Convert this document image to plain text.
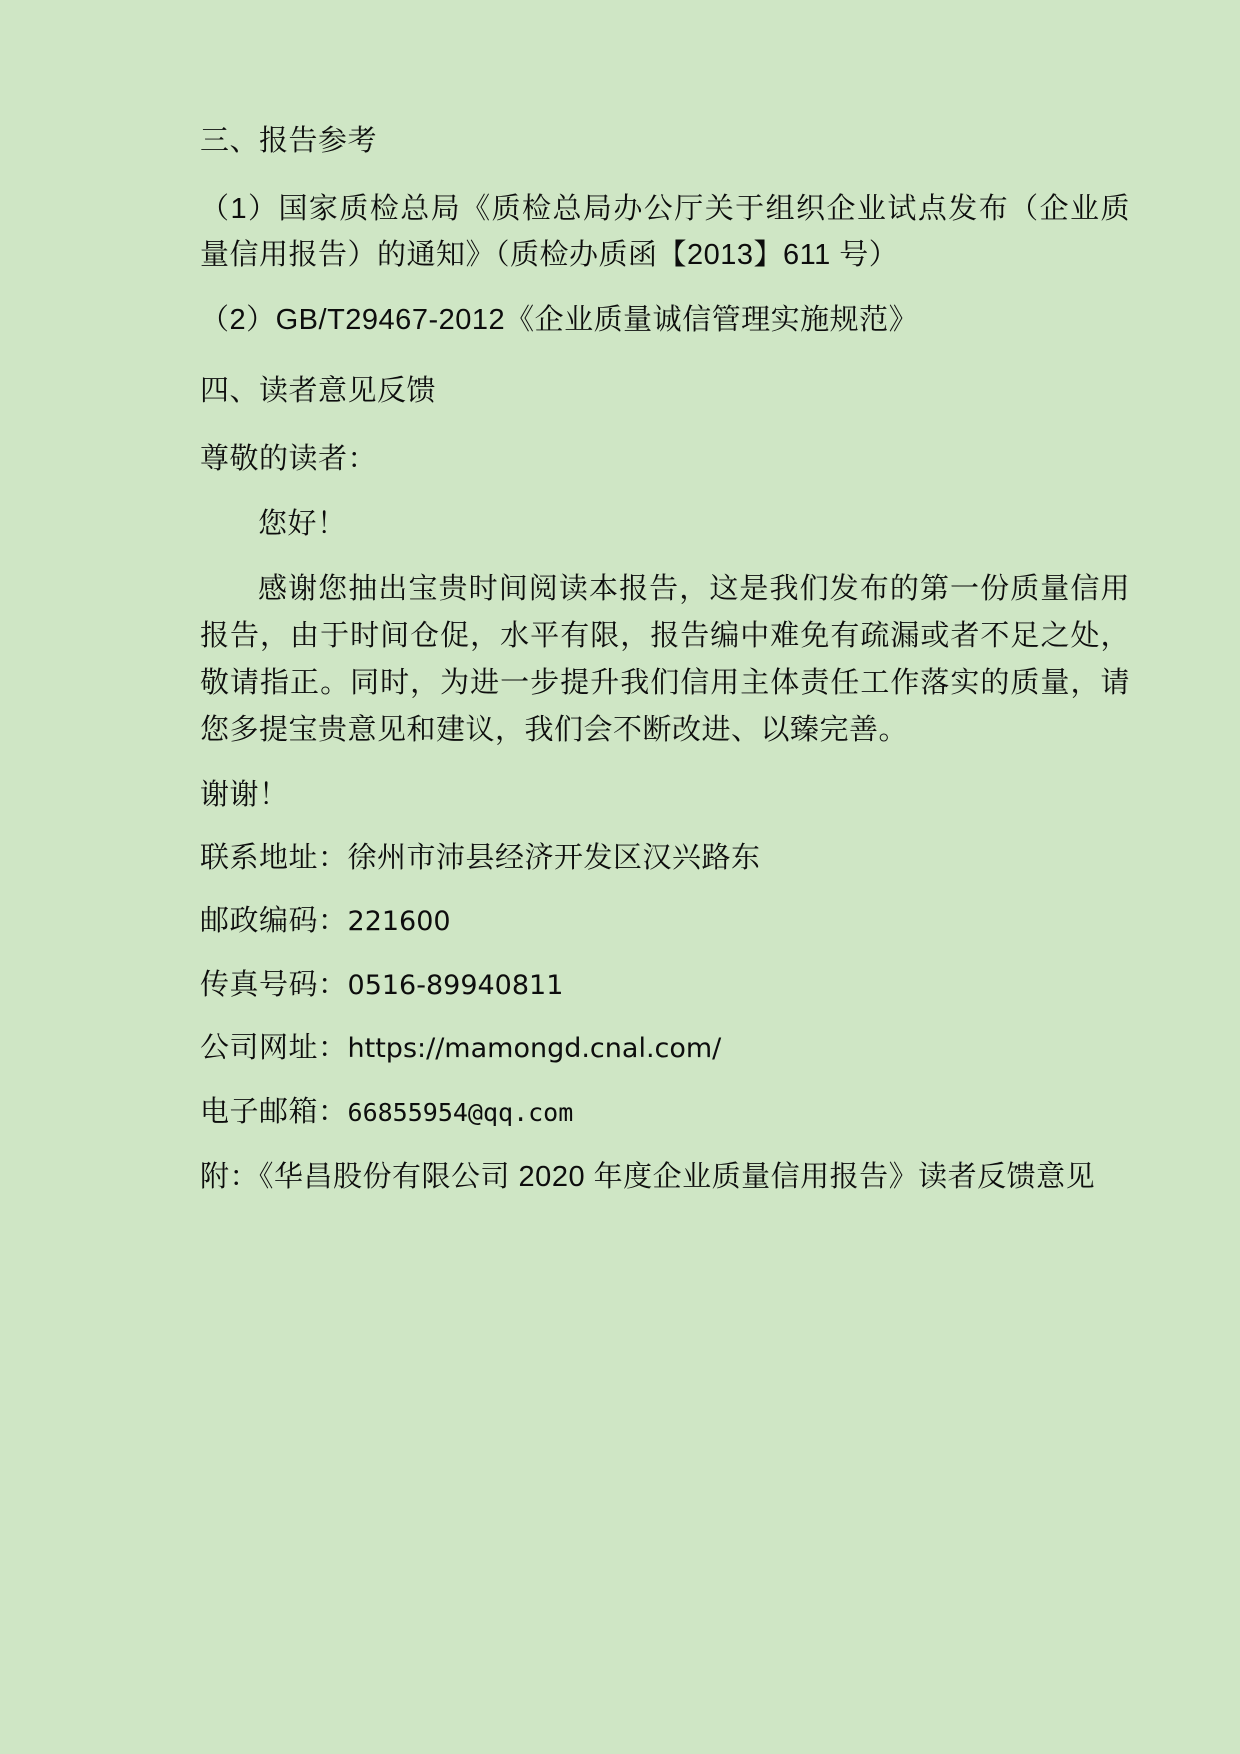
三、报告参考

（1）国家质检总局《质检总局办公厅关于组织企业试点发布（企业质量信用报告）的通知》（质检办质函【2013】611 号）

（2）GB/T29467-2012《企业质量诚信管理实施规范》

四、读者意见反馈

尊敬的读者：

您好！

感谢您抽出宝贵时间阅读本报告，这是我们发布的第一份质量信用报告，由于时间仓促，水平有限，报告编中难免有疏漏或者不足之处，敬请指正。同时，为进一步提升我们信用主体责任工作落实的质量，请您多提宝贵意见和建议，我们会不断改进、以臻完善。

谢谢！

联系地址：徐州市沛县经济开发区汉兴路东

邮政编码：221600

传真号码：0516-89940811

公司网址：https://mamongd.cnal.com/

电子邮箱：66855954@qq.com

附：《华昌股份有限公司 2020 年度企业质量信用报告》读者反馈意见
